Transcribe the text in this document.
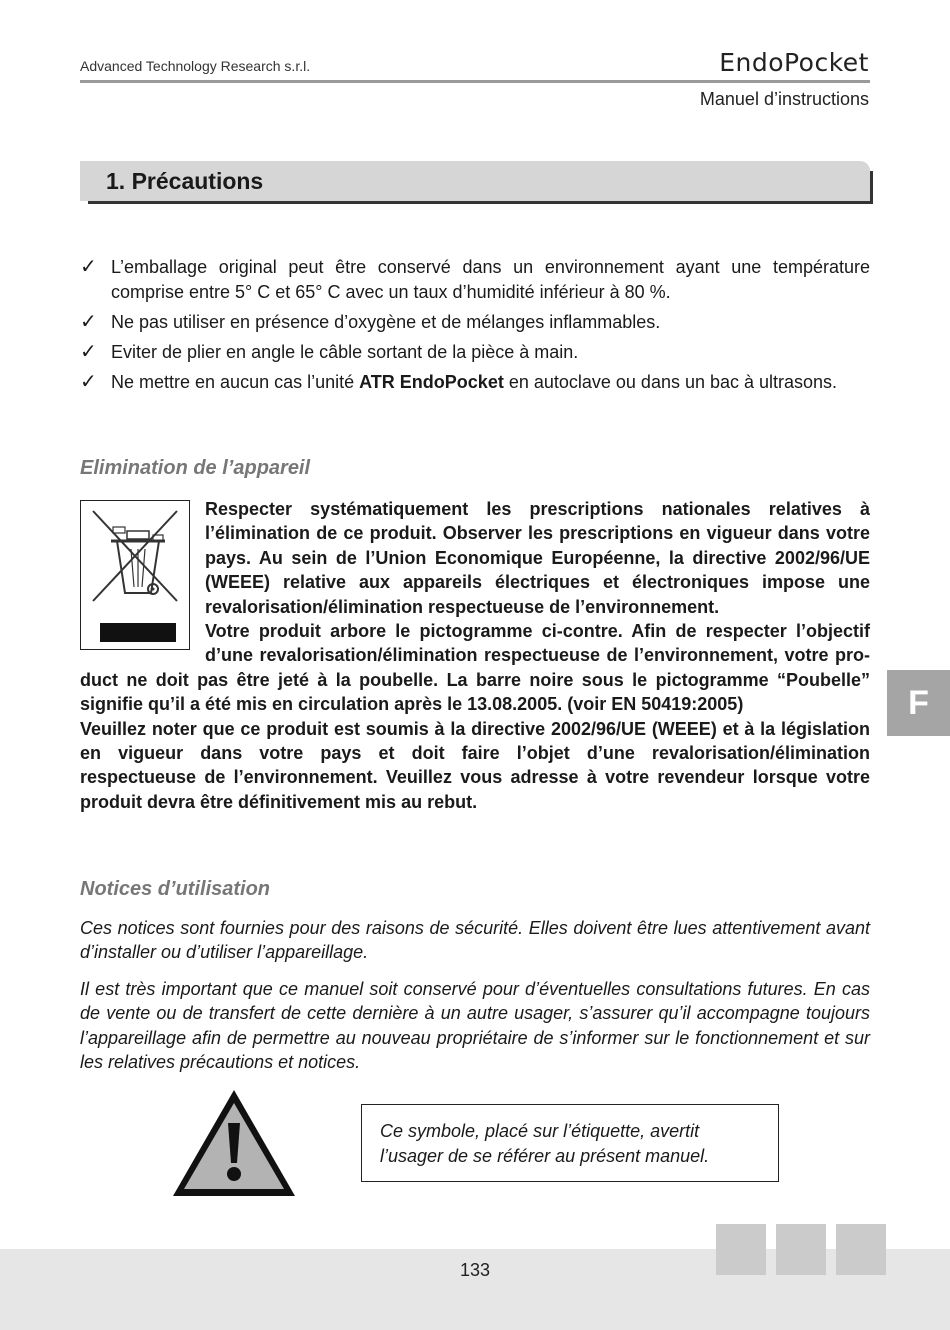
Advanced Technology Research s.r.l.	EndoPocket
Manuel d’instructions
1. Précautions
✓ L’emballage original peut être conservé dans un environnement ayant une température comprise entre 5° C et 65° C avec un taux d’humidité inférieur à 80 %.
✓ Ne pas utiliser en présence d’oxygène et de mélanges inflammables.
✓ Eviter de plier en angle le câble sortant de la pièce à main.
✓ Ne mettre en aucun cas l’unité ATR EndoPocket en autoclave ou dans un bac à ultrasons.
Elimination de l’appareil
Respecter systématiquement les prescriptions nationales relatives à l’élimination de ce produit. Observer les prescriptions en vigueur dans votre pays. Au sein de l’Union Economique Européenne, la directive 2002/96/UE (WEEE) relative aux appareils électriques et électroniques impose une revalorisation/élimination respectueuse de l’environnement.
Votre produit arbore le pictogramme ci-contre. Afin de respecter l’objectif d’une revalorisation/élimination respectueuse de l’environnement, votre product ne doit pas être jeté à la poubelle. La barre noire sous le pictogramme “Poubelle” signifie qu’il a été mis en circulation après le 13.08.2005. (voir EN 50419:2005)
Veuillez noter que ce produit est soumis à la directive 2002/96/UE (WEEE) et à la législation en vigueur dans votre pays et doit faire l’objet d’une revalorisation/élimination respectueuse de l’environnement. Veuillez vous adresse à votre revendeur lorsque votre produit devra être définitivement mis au rebut.
Notices d’utilisation
Ces notices sont fournies pour des raisons de sécurité. Elles doivent être lues attentivement avant d’installer ou d’utiliser l’appareillage.
Il est très important que ce manuel soit conservé pour d’éventuelles consultations futures. En cas de vente ou de transfert de cette dernière à un autre usager, s’assurer qu’il accompagne toujours l’appareillage afin de permettre au nouveau propriétaire de s’informer sur le fonctionnement et sur les relatives précautions et notices.
Ce symbole, placé sur l’étiquette, avertit l’usager de se référer au présent manuel.
F
133
